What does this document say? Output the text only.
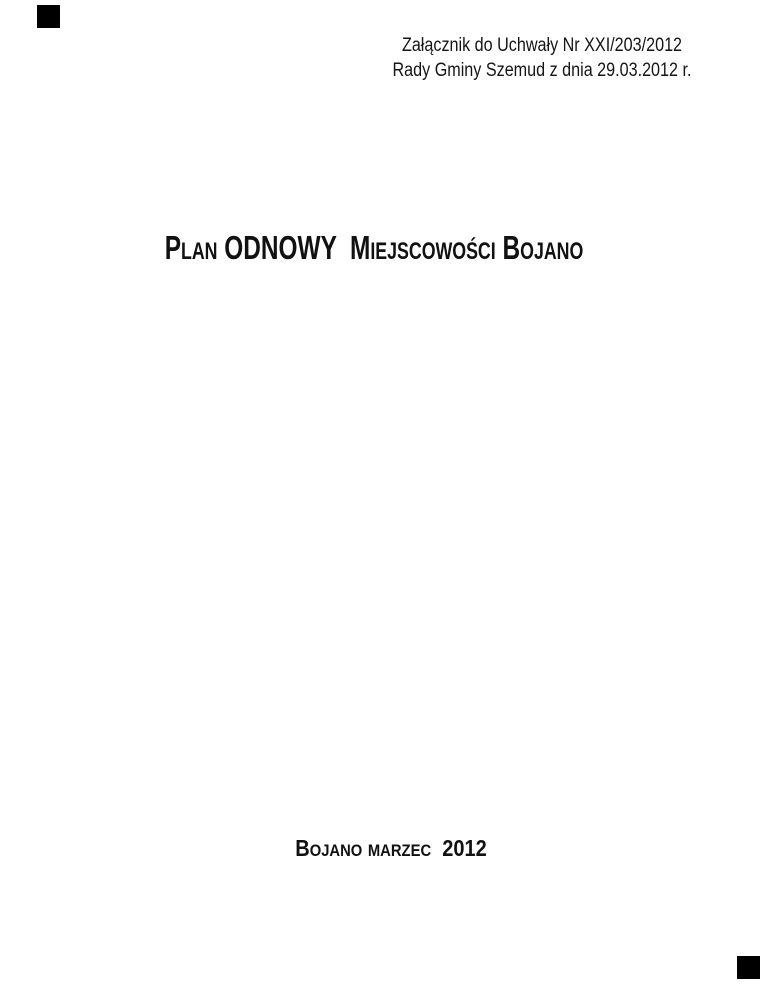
Załącznik do Uchwały Nr XXI/203/2012
Rady Gminy Szemud z dnia 29.03.2012 r.
PLAN ODNOWY MIEJSCOWOŚCI BOJANO
BOJANO MARZEC 2012
